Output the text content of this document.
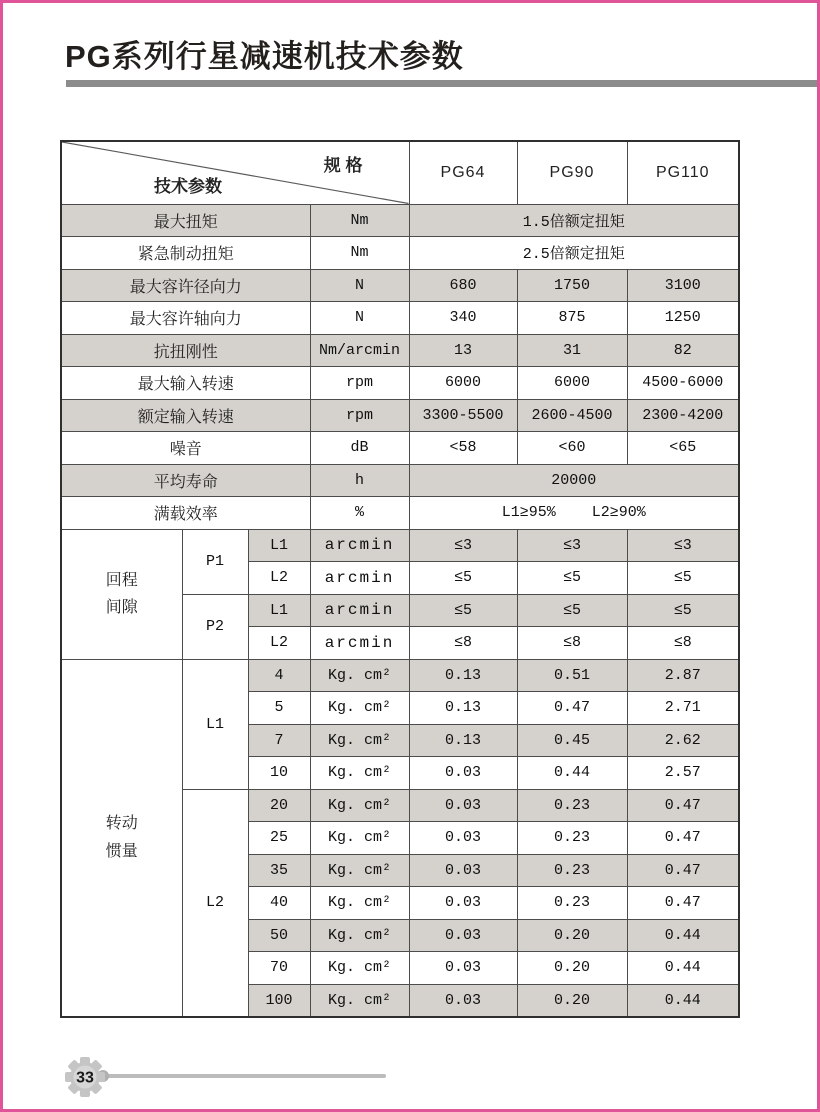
PG系列行星减速机技术参数
规 格
技术参数				PG64	PG90	PG110
最大扭矩			Nm	1.5倍额定扭矩		
紧急制动扭矩			Nm	2.5倍额定扭矩		
最大容许径向力			N	680	1750	3100
最大容许轴向力			N	340	875	1250
抗扭刚性			Nm/arcmin	13	31	82
最大输入转速			rpm	6000	6000	4500-6000
额定输入转速			rpm	3300-5500	2600-4500	2300-4200
噪音			dB	<58	<60	<65
平均寿命			h	20000		
满载效率			%	L1≥95%    L2≥90%		

回程
间隙	P1	L1	arcmin	≤3	≤3	≤3
		L2	arcmin	≤5	≤5	≤5
	P2	L1	arcmin	≤5	≤5	≤5
		L2	arcmin	≤8	≤8	≤8

转动
惯量	L1	4	Kg. cm²	0.13	0.51	2.87
		5	Kg. cm²	0.13	0.47	2.71
		7	Kg. cm²	0.13	0.45	2.62
		10	Kg. cm²	0.03	0.44	2.57
	L2	20	Kg. cm²	0.03	0.23	0.47
		25	Kg. cm²	0.03	0.23	0.47
		35	Kg. cm²	0.03	0.23	0.47
		40	Kg. cm²	0.03	0.23	0.47
		50	Kg. cm²	0.03	0.20	0.44
		70	Kg. cm²	0.03	0.20	0.44
		100	Kg. cm²	0.03	0.20	0.44
33
